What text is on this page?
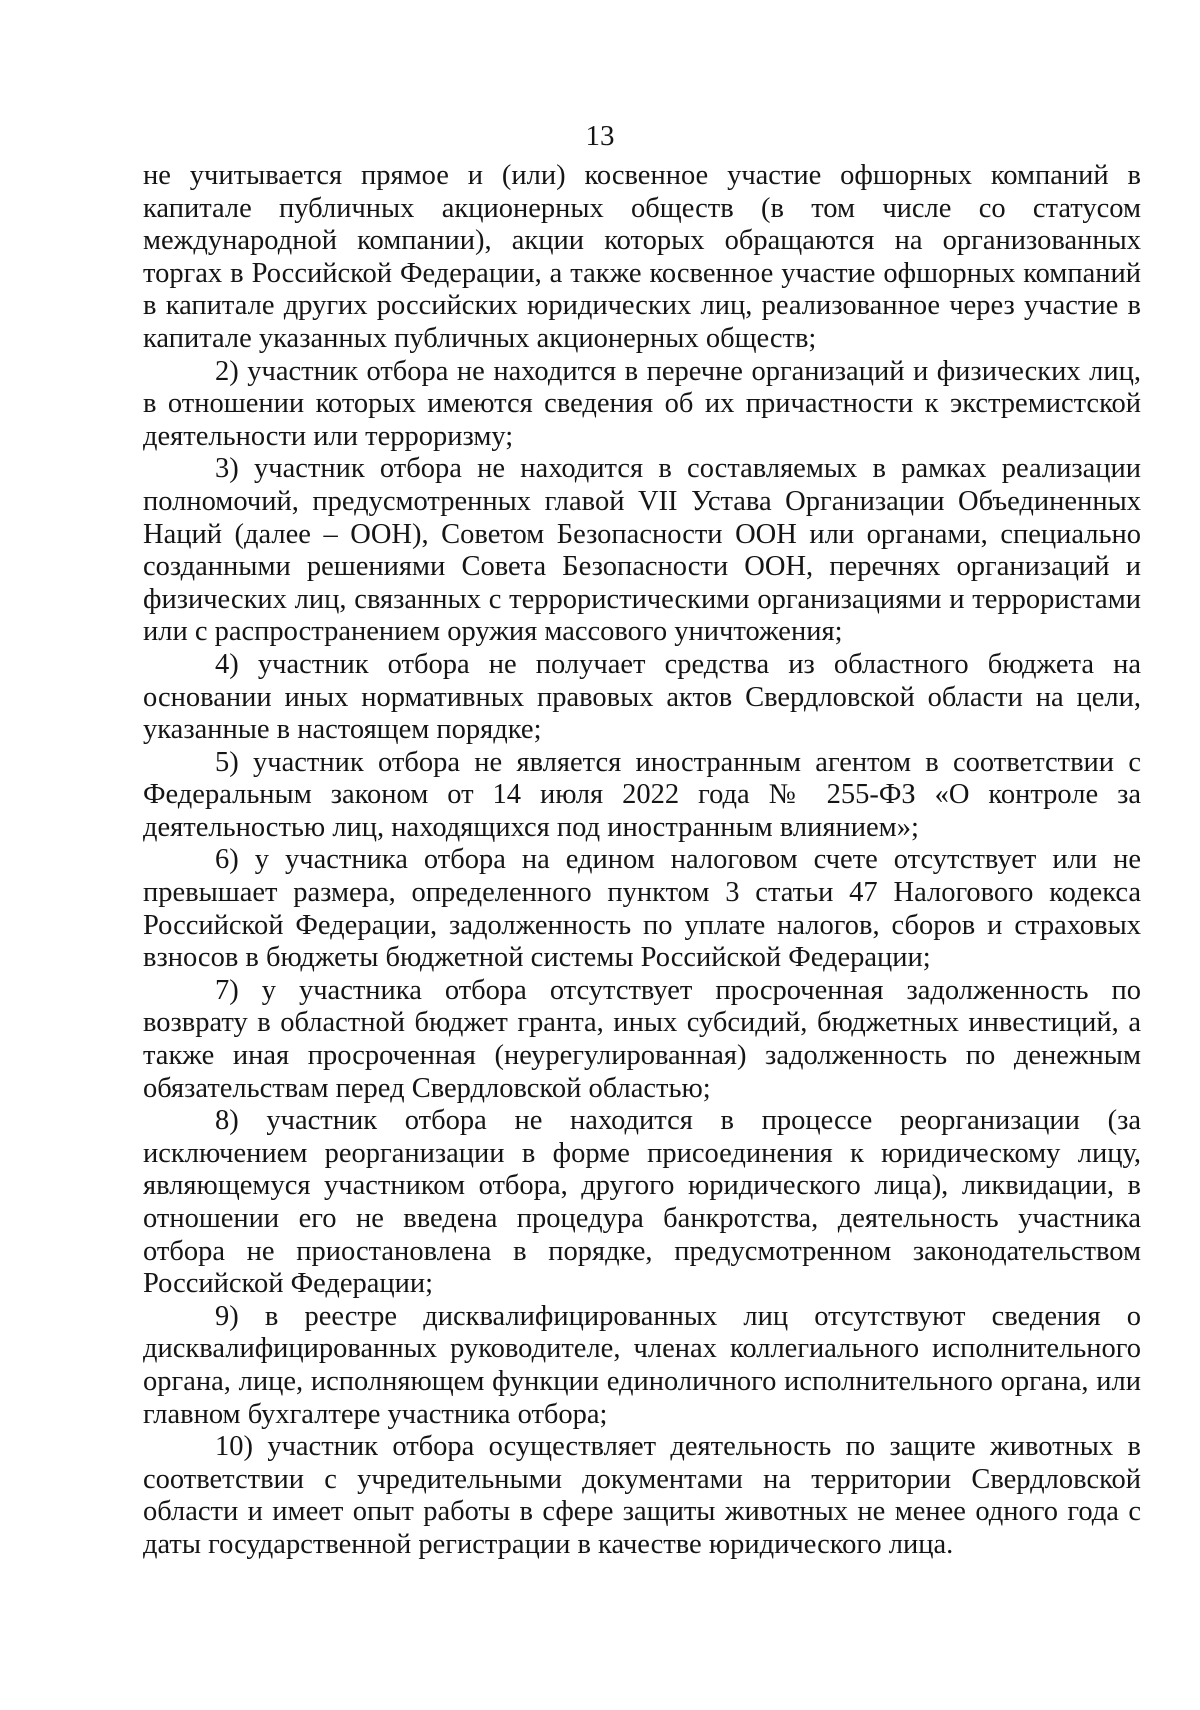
13

не учитывается прямое и (или) косвенное участие офшорных компаний в капитале публичных акционерных обществ (в том числе со статусом международной компании), акции которых обращаются на организованных торгах в Российской Федерации, а также косвенное участие офшорных компаний в капитале других российских юридических лиц, реализованное через участие в капитале указанных публичных акционерных обществ;

2) участник отбора не находится в перечне организаций и физических лиц, в отношении которых имеются сведения об их причастности к экстремистской деятельности или терроризму;

3) участник отбора не находится в составляемых в рамках реализации полномочий, предусмотренных главой VII Устава Организации Объединенных Наций (далее – ООН), Советом Безопасности ООН или органами, специально созданными решениями Совета Безопасности ООН, перечнях организаций и физических лиц, связанных с террористическими организациями и террористами или с распространением оружия массового уничтожения;

4) участник отбора не получает средства из областного бюджета на основании иных нормативных правовых актов Свердловской области на цели, указанные в настоящем порядке;

5) участник отбора не является иностранным агентом в соответствии с Федеральным законом от 14 июля 2022 года № 255-ФЗ «О контроле за деятельностью лиц, находящихся под иностранным влиянием»;

6) у участника отбора на едином налоговом счете отсутствует или не превышает размера, определенного пунктом 3 статьи 47 Налогового кодекса Российской Федерации, задолженность по уплате налогов, сборов и страховых взносов в бюджеты бюджетной системы Российской Федерации;

7) у участника отбора отсутствует просроченная задолженность по возврату в областной бюджет гранта, иных субсидий, бюджетных инвестиций, а также иная просроченная (неурегулированная) задолженность по денежным обязательствам перед Свердловской областью;

8) участник отбора не находится в процессе реорганизации (за исключением реорганизации в форме присоединения к юридическому лицу, являющемуся участником отбора, другого юридического лица), ликвидации, в отношении его не введена процедура банкротства, деятельность участника отбора не приостановлена в порядке, предусмотренном законодательством Российской Федерации;

9) в реестре дисквалифицированных лиц отсутствуют сведения о дисквалифицированных руководителе, членах коллегиального исполнительного органа, лице, исполняющем функции единоличного исполнительного органа, или главном бухгалтере участника отбора;

10) участник отбора осуществляет деятельность по защите животных в соответствии с учредительными документами на территории Свердловской области и имеет опыт работы в сфере защиты животных не менее одного года с даты государственной регистрации в качестве юридического лица.
